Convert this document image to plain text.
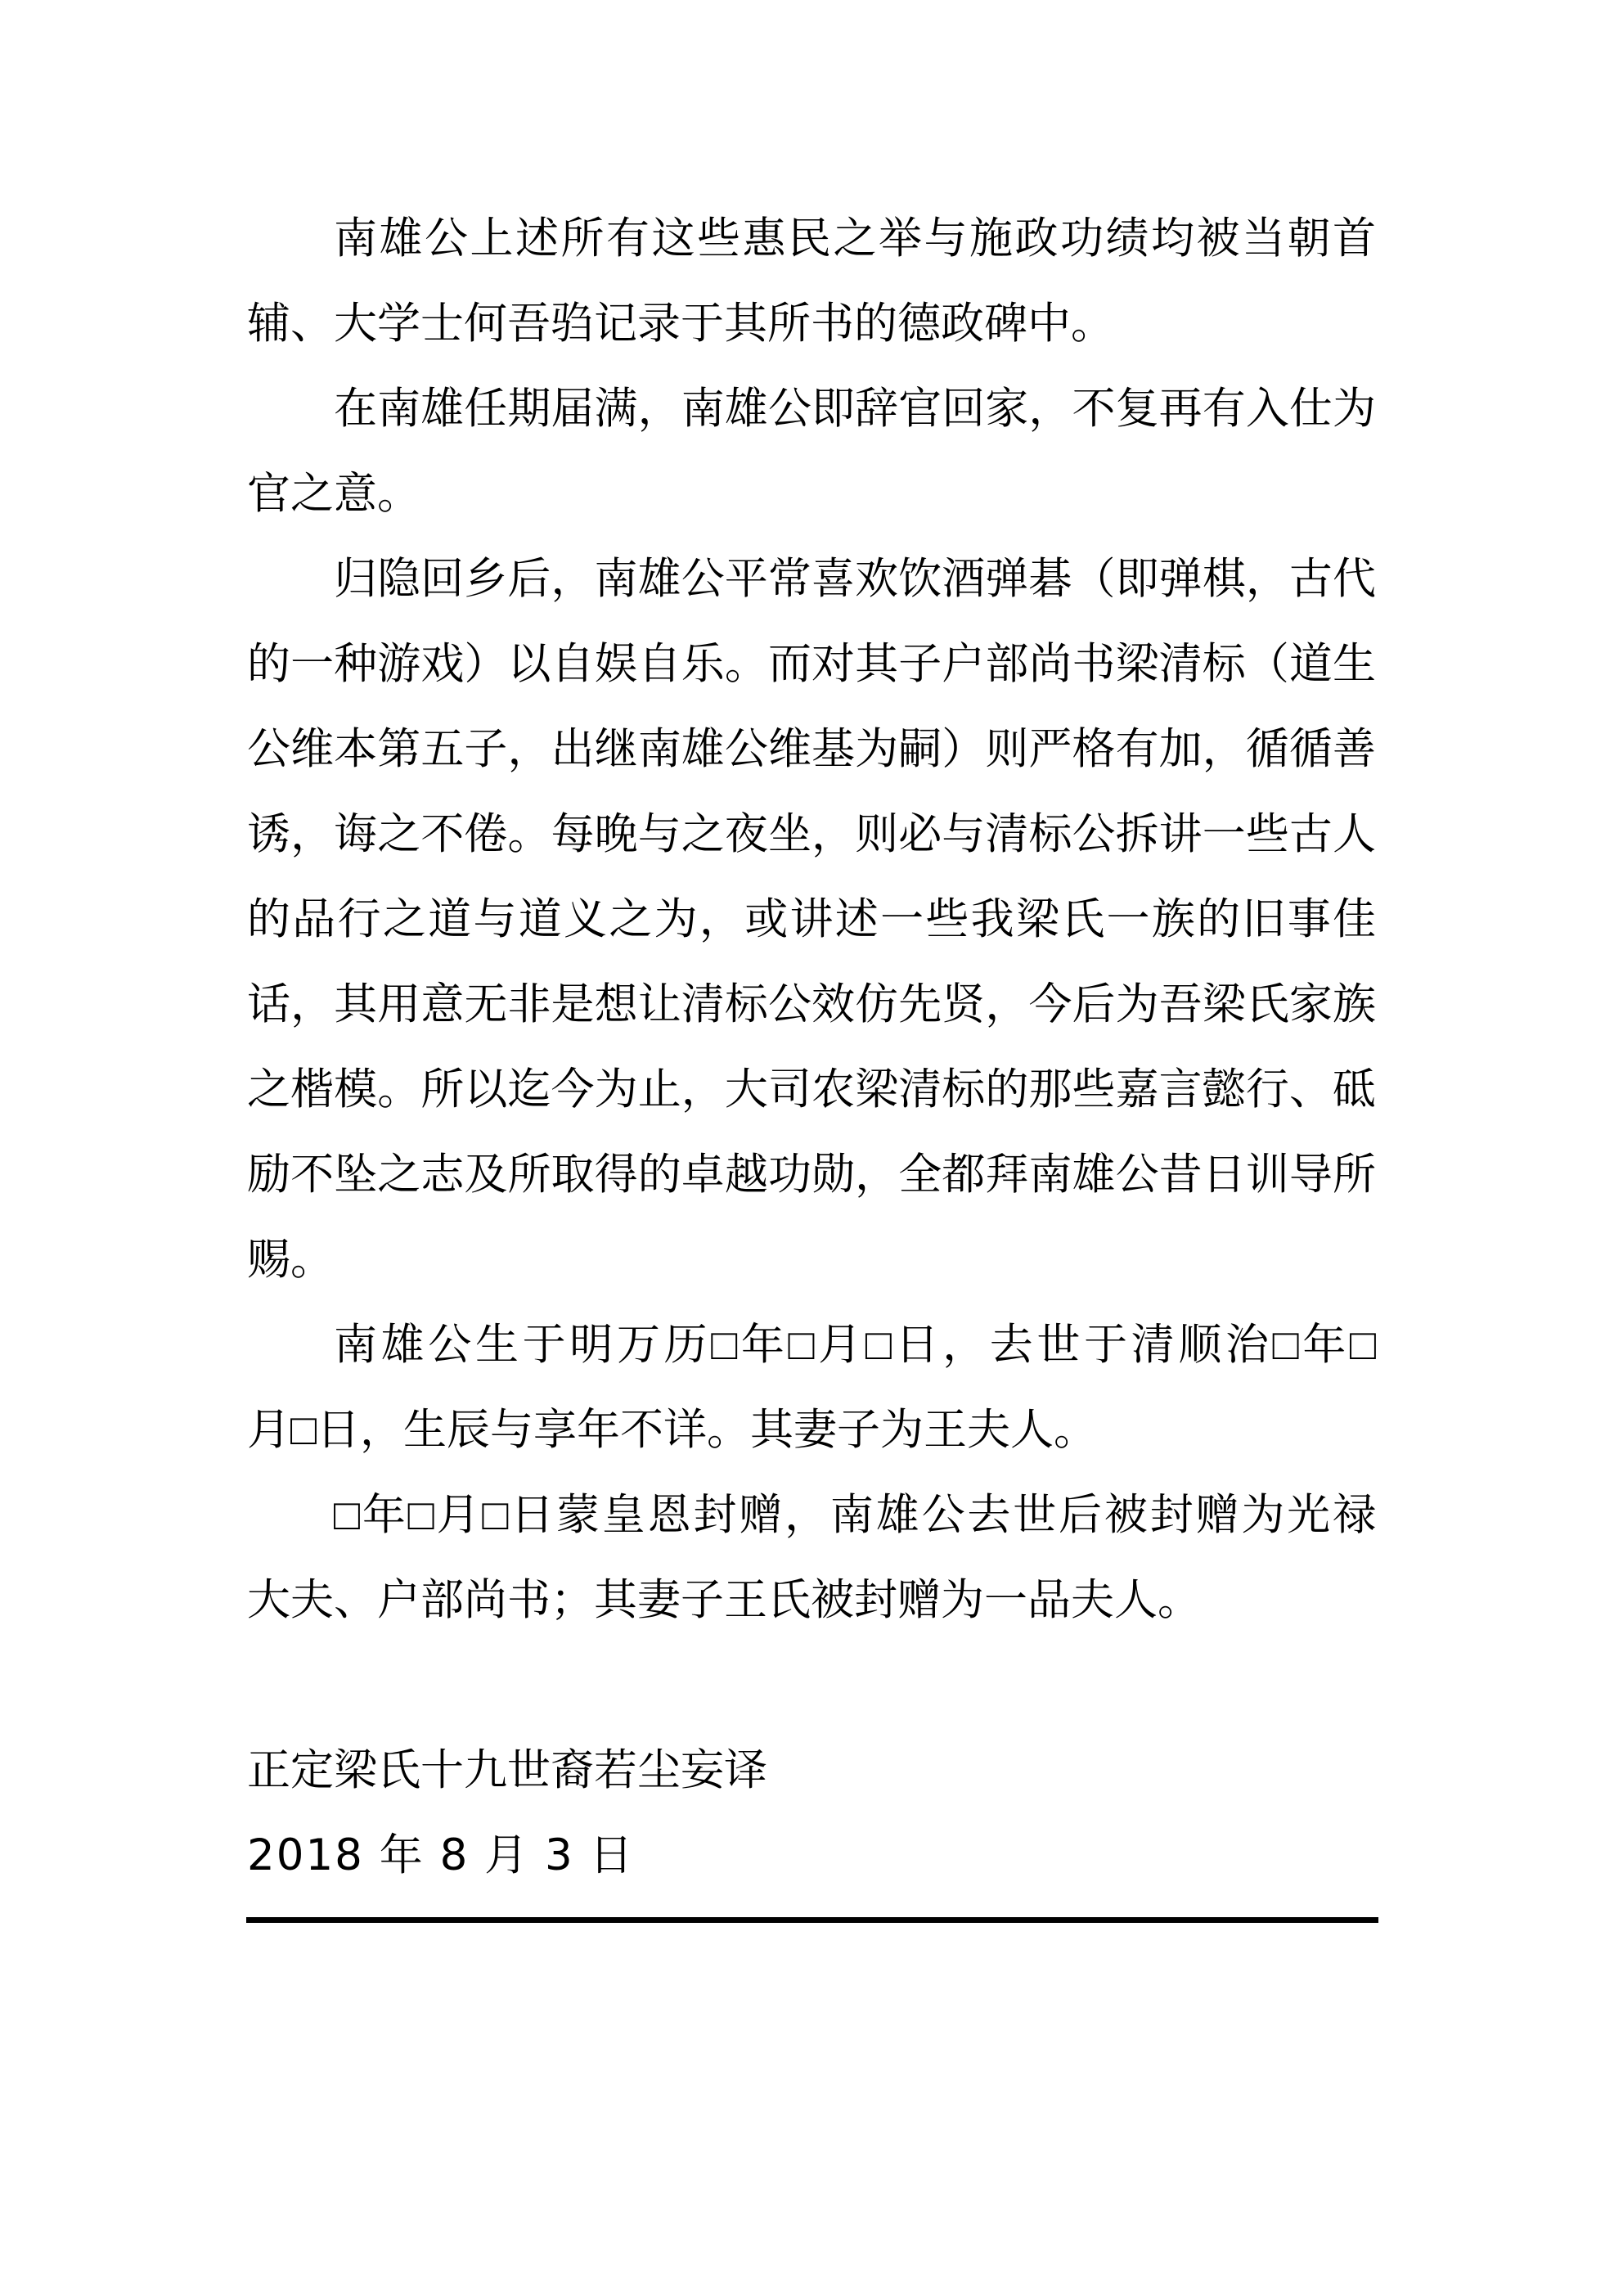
南雄公上述所有这些惠民之举与施政功绩均被当朝首
辅、大学士何吾驺记录于其所书的德政碑中。
在南雄任期届满，南雄公即辞官回家，不复再有入仕为
官之意。
归隐回乡后，南雄公平常喜欢饮酒弹碁（即弹棋，古代
的一种游戏）以自娱自乐。而对其子户部尚书梁清标（道生
公维本第五子，出继南雄公维基为嗣）则严格有加，循循善
诱，诲之不倦。每晚与之夜坐，则必与清标公拆讲一些古人
的品行之道与道义之为，或讲述一些我梁氏一族的旧事佳
话，其用意无非是想让清标公效仿先贤，今后为吾梁氏家族
之楷模。所以迄今为止，大司农梁清标的那些嘉言懿行、砥
励不坠之志及所取得的卓越功勋，全都拜南雄公昔日训导所
赐。
南雄公生于明万历□年□月□日，去世于清顺治□年□
月□日，生辰与享年不详。其妻子为王夫人。
□年□月□日蒙皇恩封赠，南雄公去世后被封赠为光禄
大夫、户部尚书；其妻子王氏被封赠为一品夫人。
正定梁氏十九世裔若尘妄译
2018 年 8 月 3 日
